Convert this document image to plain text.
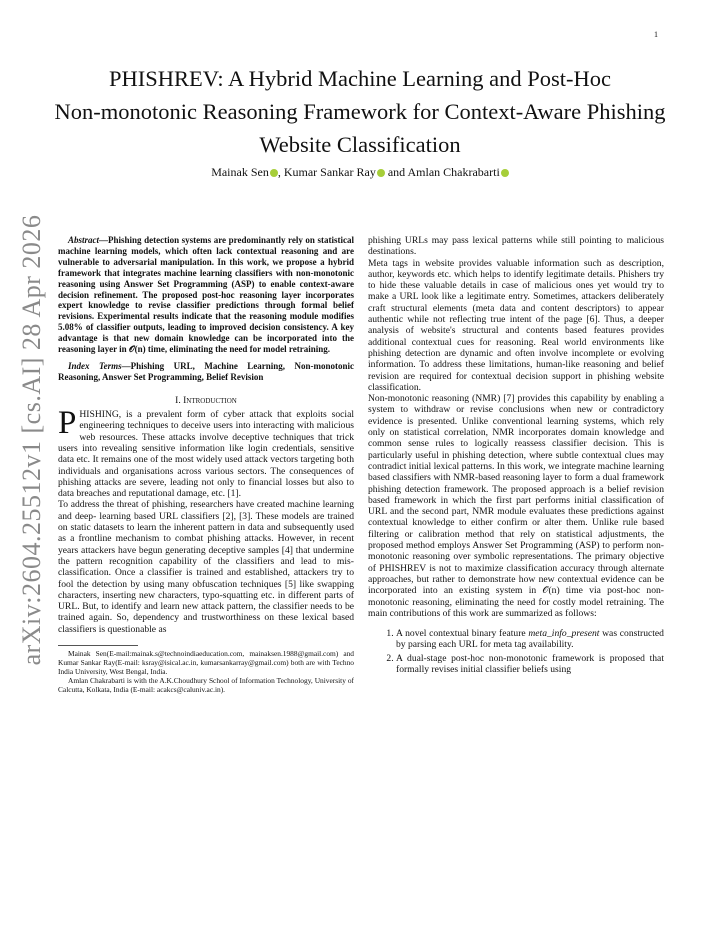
1
arXiv:2604.25512v1 [cs.AI] 28 Apr 2026
PHISHREV: A Hybrid Machine Learning and Post-Hoc
Non-monotonic Reasoning Framework for Context-Aware Phishing
Website Classification
Mainak Sen , Kumar Sankar Ray and Amlan Chakrabarti

Abstract—Phishing detection systems are predominantly rely on statistical machine learning models, which often lack contextual reasoning and are vulnerable to adversarial manipulation. In this work, we propose a hybrid framework that integrates machine learning classifiers with non-monotonic reasoning using Answer Set Programming (ASP) to enable context-aware decision refinement. The proposed post-hoc reasoning layer incorporates expert knowledge to revise classifier predictions through formal belief revisions. Experimental results indicate that the reasoning module modifies 5.08% of classifier outputs, leading to improved decision consistency. A key advantage is that new domain knowledge can be incorporated into the reasoning layer in 𝒪(n) time, eliminating the need for model retraining.

Index Terms—Phishing URL, Machine Learning, Non-monotonic Reasoning, Answer Set Programming, Belief Revision

I. Introduction

PHISHING, is a prevalent form of cyber attack that exploits social engineering techniques to deceive users into interacting with malicious web resources. These attacks involve deceptive techniques that trick users into revealing sensitive information like login credentials, sensitive data etc. It remains one of the most widely used attack vectors targeting both individuals and organisations across various sectors. The consequences of phishing attacks are severe, leading not only to financial losses but also to data breaches and reputational damage, etc. [1].

To address the threat of phishing, researchers have created machine learning and deep- learning based URL classifiers [2], [3]. These models are trained on static datasets to learn the inherent pattern in data and subsequently used as a frontline mechanism to combat phishing attacks. However, in recent years attackers have begun generating deceptive samples [4] that undermine the pattern recognition capability of the classifiers and lead to mis-classification. Once a classifier is trained and established, attackers try to fool the detection by using many obfuscation techniques [5] like swapping characters, inserting new characters, typo-squatting etc. in different parts of URL. But, to identify and learn new attack pattern, the classifier needs to be trained again. So, dependency and trustworthiness on these lexical based classifiers is questionable as

Mainak Sen(E-mail:mainak.s@technoindiaeducation.com, mainaksen.1988@gmail.com) and Kumar Sankar Ray(E-mail: ksray@isical.ac.in, kumarsankarray@gmail.com) both are with Techno India University, West Bengal, India.

Amlan Chakrabarti is with the A.K.Choudhury School of Information Technology, University of Calcutta, Kolkata, India (E-mail: acakcs@caluniv.ac.in).

phishing URLs may pass lexical patterns while still pointing to malicious destinations.

Meta tags in website provides valuable information such as description, author, keywords etc. which helps to identify legitimate details. Phishers try to hide these valuable details in case of malicious ones yet would try to make a URL look like a legitimate entry. Sometimes, attackers deliberately craft structural elements (meta data and content descriptors) to appear authentic while not reflecting true intent of the page [6]. Thus, a deeper analysis of website's structural and contents based features provides additional contextual cues for reasoning. Real world environments like phishing detection are dynamic and often involve incomplete or evolving information. To address these limitations, human-like reasoning and belief revision are required for contextual decision support in phishing website classification.

Non-monotonic reasoning (NMR) [7] provides this capability by enabling a system to withdraw or revise conclusions when new or contradictory evidence is presented. Unlike conventional learning systems, which rely only on statistical correlation, NMR incorporates domain knowledge and common sense rules to logically reassess classifier decision. This is particularly useful in phishing detection, where subtle contextual clues may contradict initial lexical patterns. In this work, we integrate machine learning based classifiers with NMR-based reasoning layer to form a dual framework phishing detection framework. The proposed approach is a belief revision based framework in which the first part performs initial classification of URL and the second part, NMR module evaluates these predictions against contextual knowledge to either confirm or alter them. Unlike rule based filtering or calibration method that rely on statistical adjustments, the proposed method employs Answer Set Programming (ASP) to perform non-monotonic reasoning over symbolic representations. The primary objective of PHISHREV is not to maximize classification accuracy through alternate approaches, but rather to demonstrate how new contextual evidence can be incorporated into an existing system in 𝒪(n) time via post-hoc non-monotonic reasoning, eliminating the need for costly model retraining. The main contributions of this work are summarized as follows:

1. A novel contextual binary feature meta_info_present was constructed by parsing each URL for meta tag availability.
2. A dual-stage post-hoc non-monotonic framework is proposed that formally revises initial classifier beliefs using
